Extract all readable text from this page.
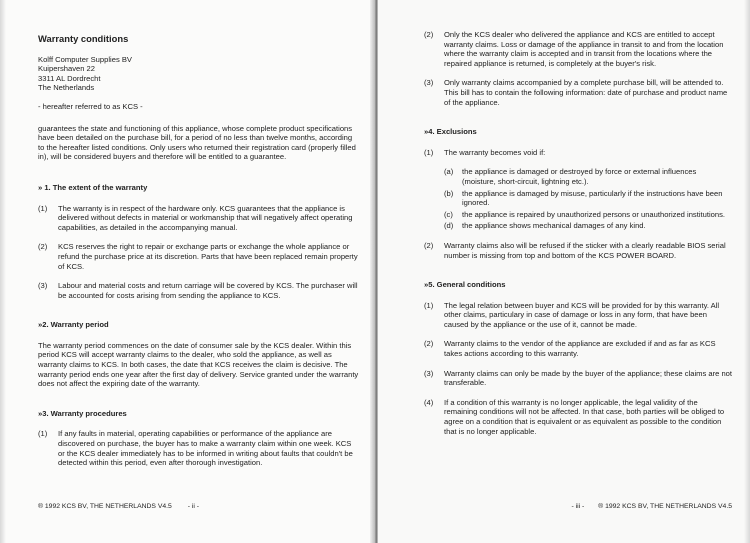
Warranty conditions
Kolff Computer Supplies BV
Kuipershaven 22
3311 AL Dordrecht
The Netherlands

- hereafter referred to as KCS -

guarantees the state and functioning of this appliance, whose complete product specifications have been detailed on the purchase bill, for a period of no less than twelve months, according to the hereafter listed conditions. Only users who returned their registration card (properly filled in), will be considered buyers and therefore will be entitled to a guarantee.

» 1. The extent of the warranty
(1)	The warranty is in respect of the hardware only. KCS guarantees that the appliance is delivered without defects in material or workmanship that will negatively affect operating capabilities, as detailed in the accompanying manual.
(2)	KCS reserves the right to repair or exchange parts or exchange the whole appliance or refund the purchase price at its discretion. Parts that have been replaced remain property of KCS.
(3)	Labour and material costs and return carriage will be covered by KCS. The purchaser will be accounted for costs arising from sending the appliance to KCS.
»2. Warranty period

The warranty period commences on the date of consumer sale by the KCS dealer. Within this period KCS will accept warranty claims to the dealer, who sold the appliance, as well as warranty claims to KCS. In both cases, the date that KCS receives the claim is decisive. The warranty period ends one year after the first day of delivery. Service granted under the warranty does not affect the expiring date of the warranty.

»3. Warranty procedures
(1)	If any faults in material, operating capabilities or performance of the appliance are discovered on purchase, the buyer has to make a warranty claim within one week. KCS or the KCS dealer immediately has to be informed in writing about faults that couldn't be detected within this period, even after thorough investigation.
® 1992 KCS BV, THE NETHERLANDS V4.5 - ii -
(2)	Only the KCS dealer who delivered the appliance and KCS are entitled to accept warranty claims. Loss or damage of the appliance in transit to and from the location where the warranty claim is accepted and in transit from the locations where the repaired appliance is returned, is completely at the buyer's risk.
(3)	Only warranty claims accompanied by a complete purchase bill, will be attended to. This bill has to contain the following information: date of purchase and product name of the appliance.
»4. Exclusions
(1)	The warranty becomes void if:
(a)	the appliance is damaged or destroyed by force or external influences (moisture, short-circuit, lightning etc.).
(b)	the appliance is damaged by misuse, particularly if the instructions have been ignored.
(c)	the appliance is repaired by unauthorized persons or unauthorized institutions.
(d)	the appliance shows mechanical damages of any kind.
(2)	Warranty claims also will be refused if the sticker with a clearly readable BIOS serial number is missing from top and bottom of the KCS POWER BOARD.
»5. General conditions
(1)	The legal relation between buyer and KCS will be provided for by this warranty. All other claims, particulary in case of damage or loss in any form, that have been caused by the appliance or the use of it, cannot be made.
(2)	Warranty claims to the vendor of the appliance are excluded if and as far as KCS takes actions according to this warranty.
(3)	Warranty claims can only be made by the buyer of the appliance; these claims are not transferable.
(4)	If a condition of this warranty is no longer applicable, the legal validity of the remaining conditions will not be affected. In that case, both parties will be obliged to agree on a condition that is equivalent or as equivalent as possible to the condition that is no longer applicable.
- iii - ® 1992 KCS BV, THE NETHERLANDS V4.5
